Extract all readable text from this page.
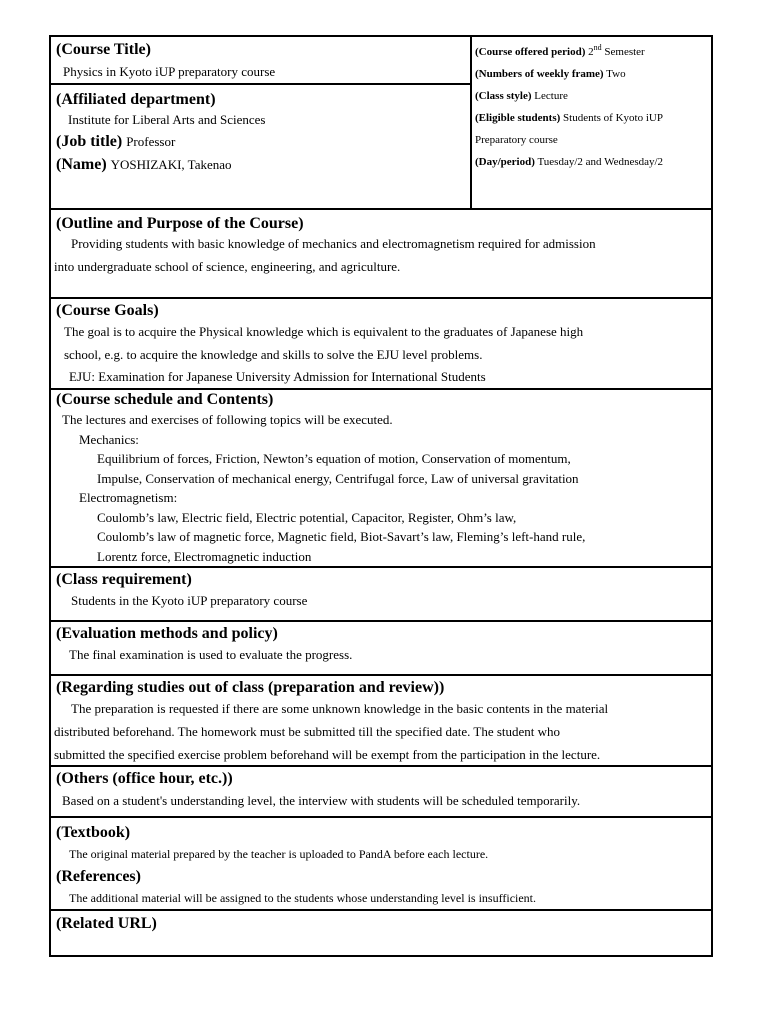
(Course Title)
Physics in Kyoto iUP preparatory course
(Affiliated department)
Institute for Liberal Arts and Sciences
(Job title) Professor
(Name) YOSHIZAKI, Takenao
(Course offered period) 2nd Semester
(Numbers of weekly frame) Two
(Class style) Lecture
(Eligible students) Students of Kyoto iUP
Preparatory course
(Day/period) Tuesday/2 and Wednesday/2
(Outline and Purpose of the Course)
Providing students with basic knowledge of mechanics and electromagnetism required for admission
into undergraduate school of science, engineering, and agriculture.
(Course Goals)
The goal is to acquire the Physical knowledge which is equivalent to the graduates of Japanese high
school, e.g. to acquire the knowledge and skills to solve the EJU level problems.
EJU: Examination for Japanese University Admission for International Students
(Course schedule and Contents)
The lectures and exercises of following topics will be executed.
Mechanics:
Equilibrium of forces, Friction, Newton’s equation of motion, Conservation of momentum,
Impulse, Conservation of mechanical energy, Centrifugal force, Law of universal gravitation
Electromagnetism:
Coulomb’s law, Electric field, Electric potential, Capacitor, Register, Ohm’s law,
Coulomb’s law of magnetic force, Magnetic field, Biot-Savart’s law, Fleming’s left-hand rule,
Lorentz force, Electromagnetic induction
(Class requirement)
Students in the Kyoto iUP preparatory course
(Evaluation methods and policy)
The final examination is used to evaluate the progress.
(Regarding studies out of class (preparation and review))
The preparation is requested if there are some unknown knowledge in the basic contents in the material
distributed beforehand. The homework must be submitted till the specified date. The student who
submitted the specified exercise problem beforehand will be exempt from the participation in the lecture.
(Others (office hour, etc.))
Based on a student's understanding level, the interview with students will be scheduled temporarily.
(Textbook)
The original material prepared by the teacher is uploaded to PandA before each lecture.
(References)
The additional material will be assigned to the students whose understanding level is insufficient.
(Related URL)
